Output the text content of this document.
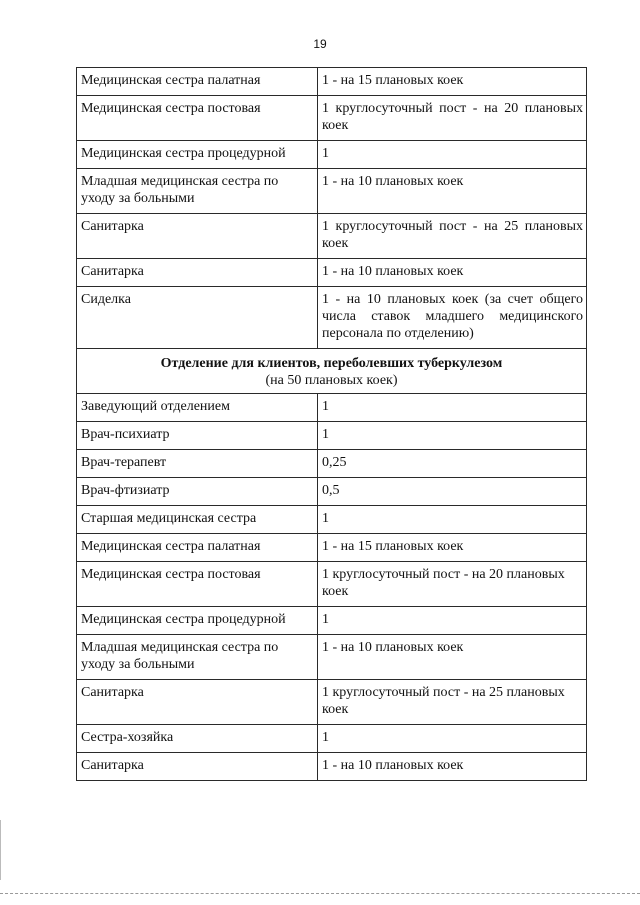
19
Медицинская сестра палатная	1 - на 15 плановых коек
Медицинская сестра постовая	1 круглосуточный пост - на 20 плановых коек
Медицинская сестра процедурной	1
Младшая медицинская сестра по уходу за больными	1 - на 10 плановых коек
Санитарка	1 круглосуточный пост - на 25 плановых коек
Санитарка	1 - на 10 плановых коек
Сиделка	1 - на 10 плановых коек (за счет общего числа ставок младшего медицинского персонала по отделению)

Отделение для клиентов, переболевших туберкулезом
(на 50 плановых коек)	

Заведующий отделением	1
Врач-психиатр	1
Врач-терапевт	0,25
Врач-фтизиатр	0,5
Старшая медицинская сестра	1
Медицинская сестра палатная	1 - на 15 плановых коек
Медицинская сестра постовая	1 круглосуточный пост - на 20 плановых коек
Медицинская сестра процедурной	1
Младшая медицинская сестра по уходу за больными	1 - на 10 плановых коек
Санитарка	1 круглосуточный пост - на 25 плановых коек
Сестра-хозяйка	1
Санитарка	1 - на 10 плановых коек
